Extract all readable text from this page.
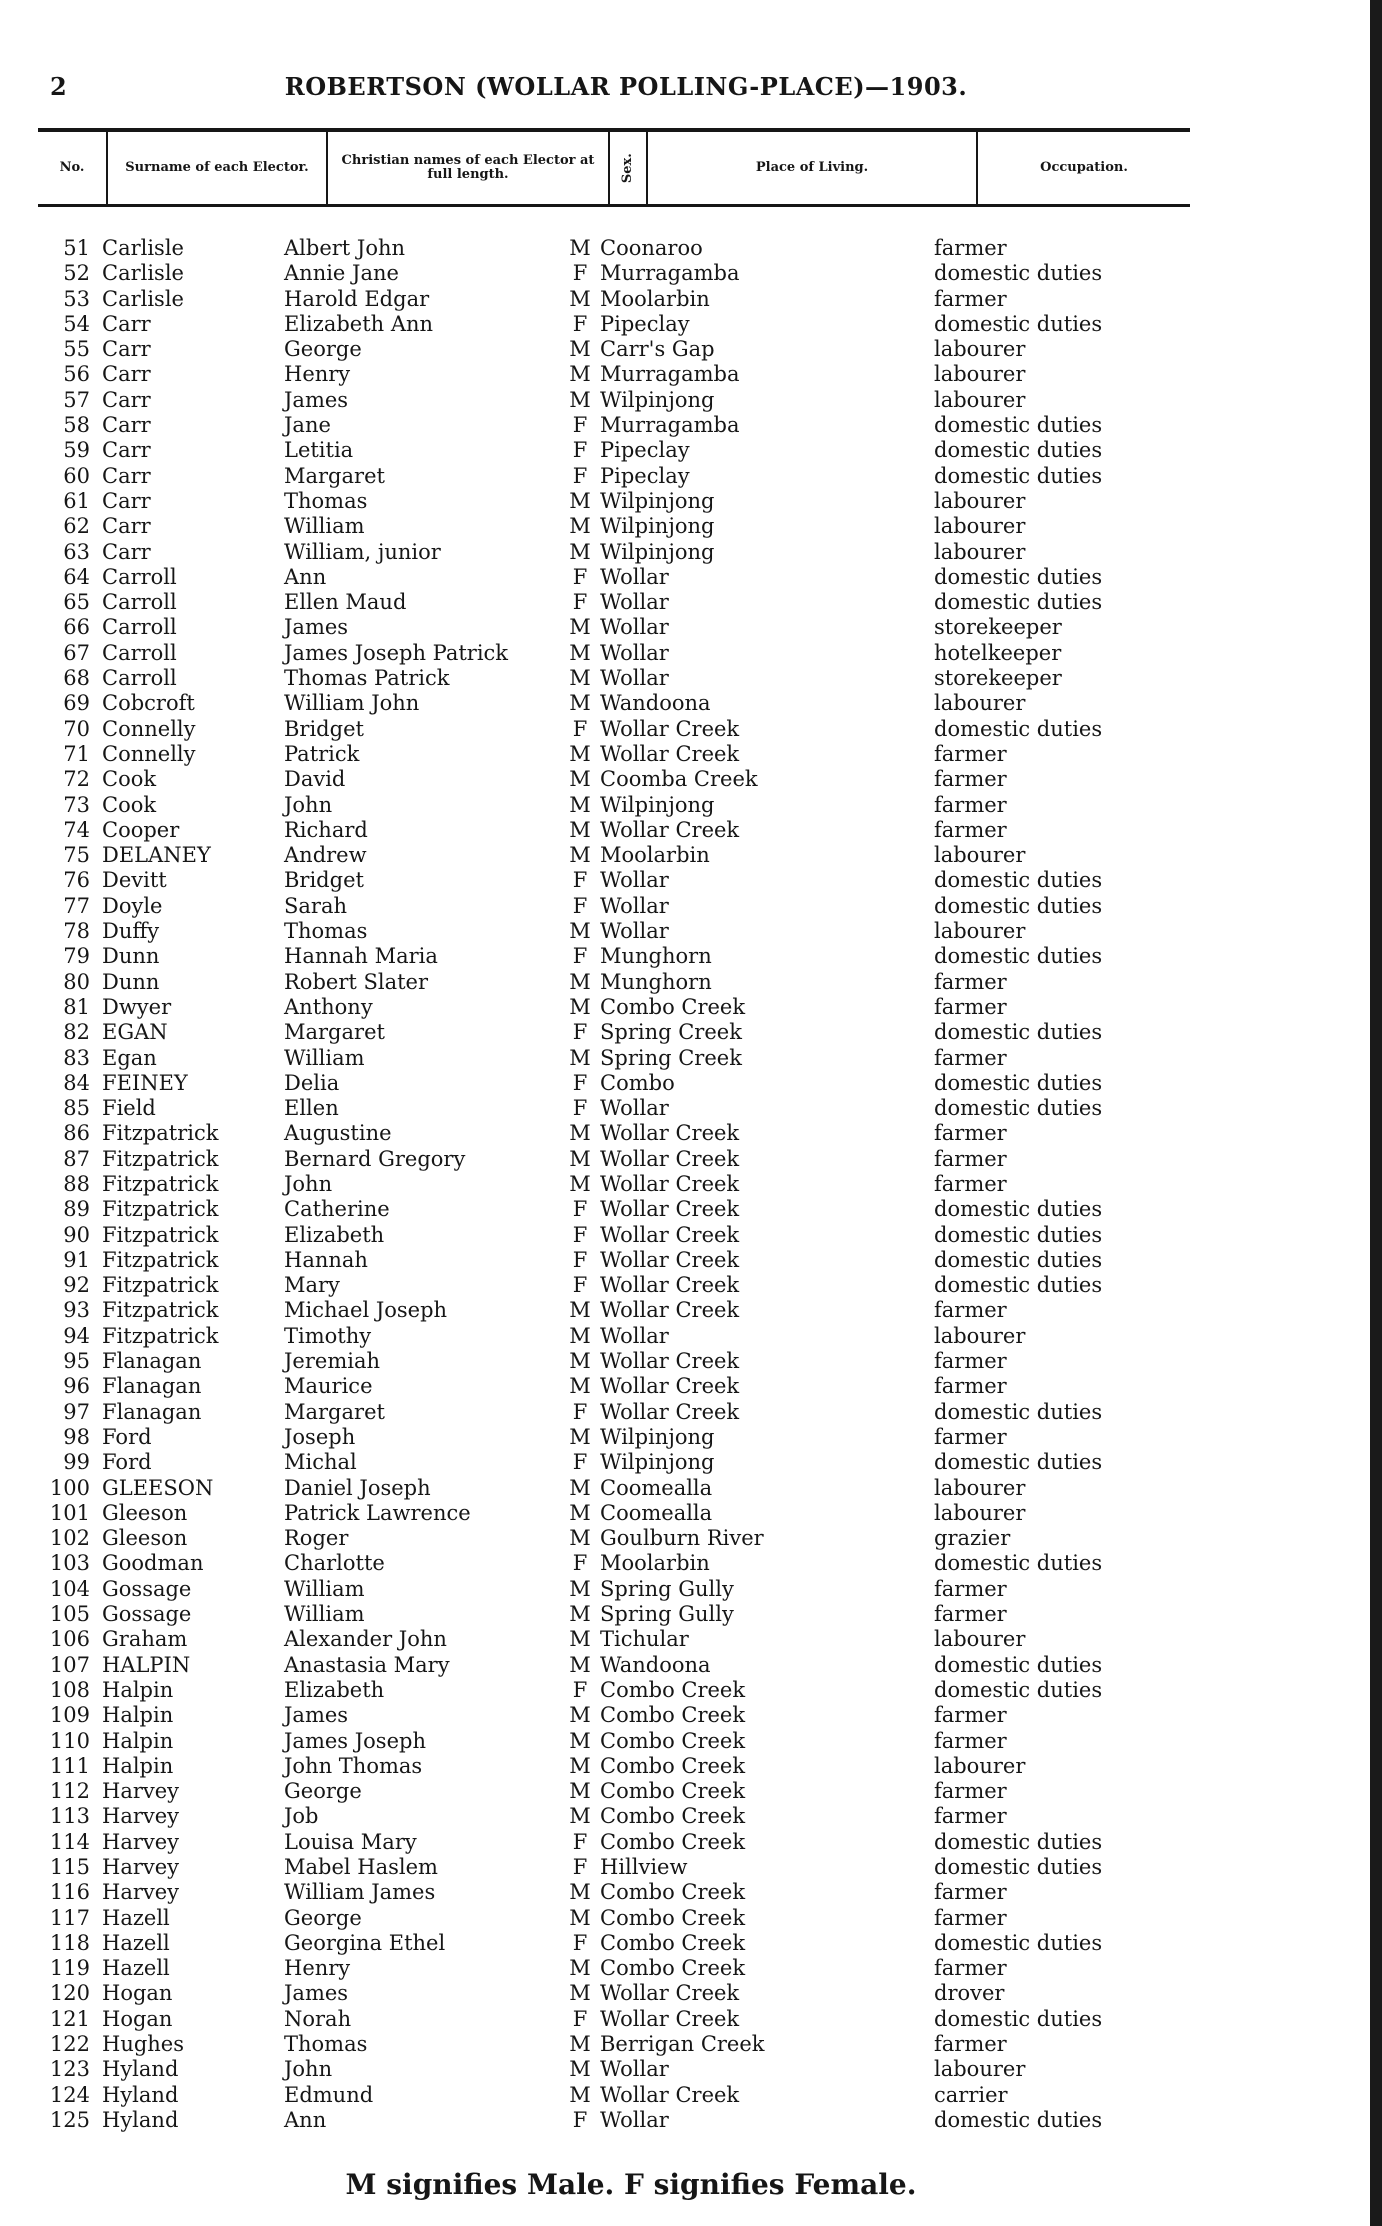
2	ROBERTSON (WOLLAR POLLING-PLACE)—1903.
No.	Surname of each Elector.	Christian names of each Elector at full length.	Sex.	Place of Living.	Occupation.
51 Carlisle	Albert John	M Coonaroo	farmer
52 Carlisle	Annie Jane	F Murragamba	domestic duties
53 Carlisle	Harold Edgar	M Moolarbin	farmer
54 Carr	Elizabeth Ann	F Pipeclay	domestic duties
55 Carr	George	M Carr's Gap	labourer
56 Carr	Henry	M Murragamba	labourer
57 Carr	James	M Wilpinjong	labourer
58 Carr	Jane	F Murragamba	domestic duties
59 Carr	Letitia	F Pipeclay	domestic duties
60 Carr	Margaret	F Pipeclay	domestic duties
61 Carr	Thomas	M Wilpinjong	labourer
62 Carr	William	M Wilpinjong	labourer
63 Carr	William, junior	M Wilpinjong	labourer
64 Carroll	Ann	F Wollar	domestic duties
65 Carroll	Ellen Maud	F Wollar	domestic duties
66 Carroll	James	M Wollar	storekeeper
67 Carroll	James Joseph Patrick	M Wollar	hotelkeeper
68 Carroll	Thomas Patrick	M Wollar	storekeeper
69 Cobcroft	William John	M Wandoona	labourer
70 Connelly	Bridget	F Wollar Creek	domestic duties
71 Connelly	Patrick	M Wollar Creek	farmer
72 Cook	David	M Coomba Creek	farmer
73 Cook	John	M Wilpinjong	farmer
74 Cooper	Richard	M Wollar Creek	farmer
75 DELANEY	Andrew	M Moolarbin	labourer
76 Devitt	Bridget	F Wollar	domestic duties
77 Doyle	Sarah	F Wollar	domestic duties
78 Duffy	Thomas	M Wollar	labourer
79 Dunn	Hannah Maria	F Munghorn	domestic duties
80 Dunn	Robert Slater	M Munghorn	farmer
81 Dwyer	Anthony	M Combo Creek	farmer
82 EGAN	Margaret	F Spring Creek	domestic duties
83 Egan	William	M Spring Creek	farmer
84 FEINEY	Delia	F Combo	domestic duties
85 Field	Ellen	F Wollar	domestic duties
86 Fitzpatrick	Augustine	M Wollar Creek	farmer
87 Fitzpatrick	Bernard Gregory	M Wollar Creek	farmer
88 Fitzpatrick	John	M Wollar Creek	farmer
89 Fitzpatrick	Catherine	F Wollar Creek	domestic duties
90 Fitzpatrick	Elizabeth	F Wollar Creek	domestic duties
91 Fitzpatrick	Hannah	F Wollar Creek	domestic duties
92 Fitzpatrick	Mary	F Wollar Creek	domestic duties
93 Fitzpatrick	Michael Joseph	M Wollar Creek	farmer
94 Fitzpatrick	Timothy	M Wollar	labourer
95 Flanagan	Jeremiah	M Wollar Creek	farmer
96 Flanagan	Maurice	M Wollar Creek	farmer
97 Flanagan	Margaret	F Wollar Creek	domestic duties
98 Ford	Joseph	M Wilpinjong	farmer
99 Ford	Michal	F Wilpinjong	domestic duties
100 GLEESON	Daniel Joseph	M Coomealla	labourer
101 Gleeson	Patrick Lawrence	M Coomealla	labourer
102 Gleeson	Roger	M Goulburn River	grazier
103 Goodman	Charlotte	F Moolarbin	domestic duties
104 Gossage	William	M Spring Gully	farmer
105 Gossage	William	M Spring Gully	farmer
106 Graham	Alexander John	M Tichular	labourer
107 HALPIN	Anastasia Mary	M Wandoona	domestic duties
108 Halpin	Elizabeth	F Combo Creek	domestic duties
109 Halpin	James	M Combo Creek	farmer
110 Halpin	James Joseph	M Combo Creek	farmer
111 Halpin	John Thomas	M Combo Creek	labourer
112 Harvey	George	M Combo Creek	farmer
113 Harvey	Job	M Combo Creek	farmer
114 Harvey	Louisa Mary	F Combo Creek	domestic duties
115 Harvey	Mabel Haslem	F Hillview	domestic duties
116 Harvey	William James	M Combo Creek	farmer
117 Hazell	George	M Combo Creek	farmer
118 Hazell	Georgina Ethel	F Combo Creek	domestic duties
119 Hazell	Henry	M Combo Creek	farmer
120 Hogan	James	M Wollar Creek	drover
121 Hogan	Norah	F Wollar Creek	domestic duties
122 Hughes	Thomas	M Berrigan Creek	farmer
123 Hyland	John	M Wollar	labourer
124 Hyland	Edmund	M Wollar Creek	carrier
125 Hyland	Ann	F Wollar	domestic duties
M signifies Male. F signifies Female.
